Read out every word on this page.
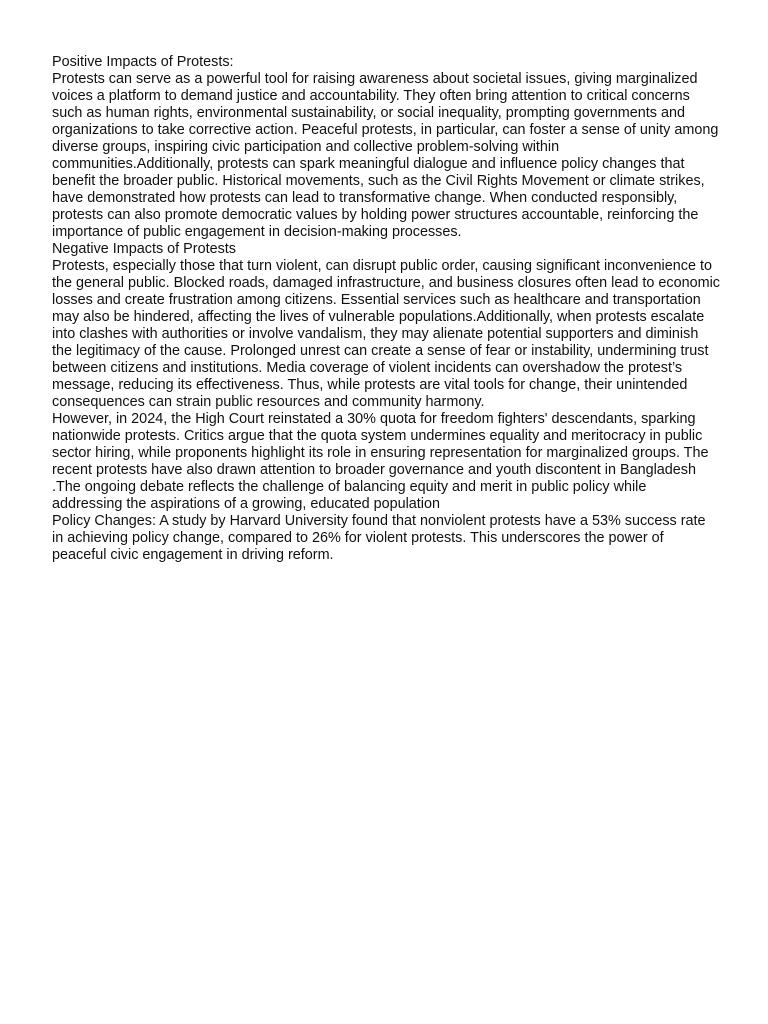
Positive Impacts of Protests:

Protests can serve as a powerful tool for raising awareness about societal issues, giving marginalized voices a platform to demand justice and accountability. They often bring attention to critical concerns such as human rights, environmental sustainability, or social inequality, prompting governments and organizations to take corrective action. Peaceful protests, in particular, can foster a sense of unity among diverse groups, inspiring civic participation and collective problem-solving within communities.Additionally, protests can spark meaningful dialogue and influence policy changes that benefit the broader public. Historical movements, such as the Civil Rights Movement or climate strikes, have demonstrated how protests can lead to transformative change. When conducted responsibly, protests can also promote democratic values by holding power structures accountable, reinforcing the importance of public engagement in decision-making processes.

Negative Impacts of Protests

Protests, especially those that turn violent, can disrupt public order, causing significant inconvenience to the general public. Blocked roads, damaged infrastructure, and business closures often lead to economic losses and create frustration among citizens. Essential services such as healthcare and transportation may also be hindered, affecting the lives of vulnerable populations.Additionally, when protests escalate into clashes with authorities or involve vandalism, they may alienate potential supporters and diminish the legitimacy of the cause. Prolonged unrest can create a sense of fear or instability, undermining trust between citizens and institutions. Media coverage of violent incidents can overshadow the protest’s message, reducing its effectiveness. Thus, while protests are vital tools for change, their unintended consequences can strain public resources and community harmony.

However, in 2024, the High Court reinstated a 30% quota for freedom fighters' descendants, sparking nationwide protests. Critics argue that the quota system undermines equality and meritocracy in public sector hiring, while proponents highlight its role in ensuring representation for marginalized groups. The recent protests have also drawn attention to broader governance and youth discontent in Bangladesh .The ongoing debate reflects the challenge of balancing equity and merit in public policy while addressing the aspirations of a growing, educated population

Policy Changes: A study by Harvard University found that nonviolent protests have a 53% success rate in achieving policy change, compared to 26% for violent protests. This underscores the power of peaceful civic engagement in driving reform.
